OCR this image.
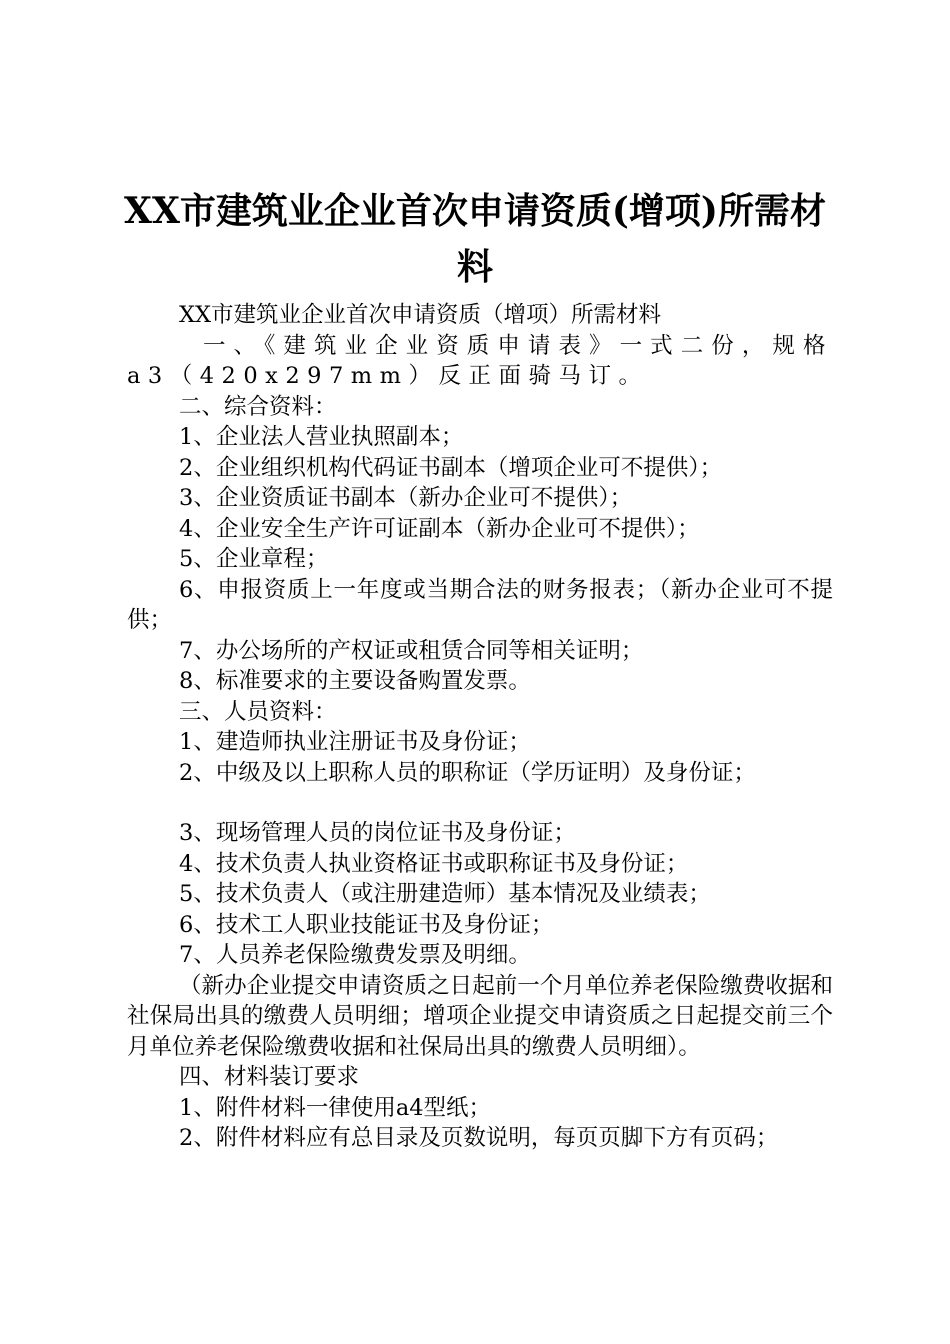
XX市建筑业企业首次申请资质(增项)所需材料

XX市建筑业企业首次申请资质（增项）所需材料

一、《建筑业企业资质申请表》一式二份，规格a3（420x297mm）反正面骑马订。

二、综合资料：

1、企业法人营业执照副本；

2、企业组织机构代码证书副本（增项企业可不提供）；

3、企业资质证书副本（新办企业可不提供）；

4、企业安全生产许可证副本（新办企业可不提供）；

5、企业章程；

6、申报资质上一年度或当期合法的财务报表；（新办企业可不提供；

7、办公场所的产权证或租赁合同等相关证明；

8、标准要求的主要设备购置发票。

三、人员资料：

1、建造师执业注册证书及身份证；

2、中级及以上职称人员的职称证（学历证明）及身份证；

3、现场管理人员的岗位证书及身份证；

4、技术负责人执业资格证书或职称证书及身份证；

5、技术负责人（或注册建造师）基本情况及业绩表；

6、技术工人职业技能证书及身份证；

7、人员养老保险缴费发票及明细。

（新办企业提交申请资质之日起前一个月单位养老保险缴费收据和社保局出具的缴费人员明细；增项企业提交申请资质之日起提交前三个月单位养老保险缴费收据和社保局出具的缴费人员明细）。

四、材料装订要求

1、附件材料一律使用a4型纸；

2、附件材料应有总目录及页数说明，每页页脚下方有页码；
